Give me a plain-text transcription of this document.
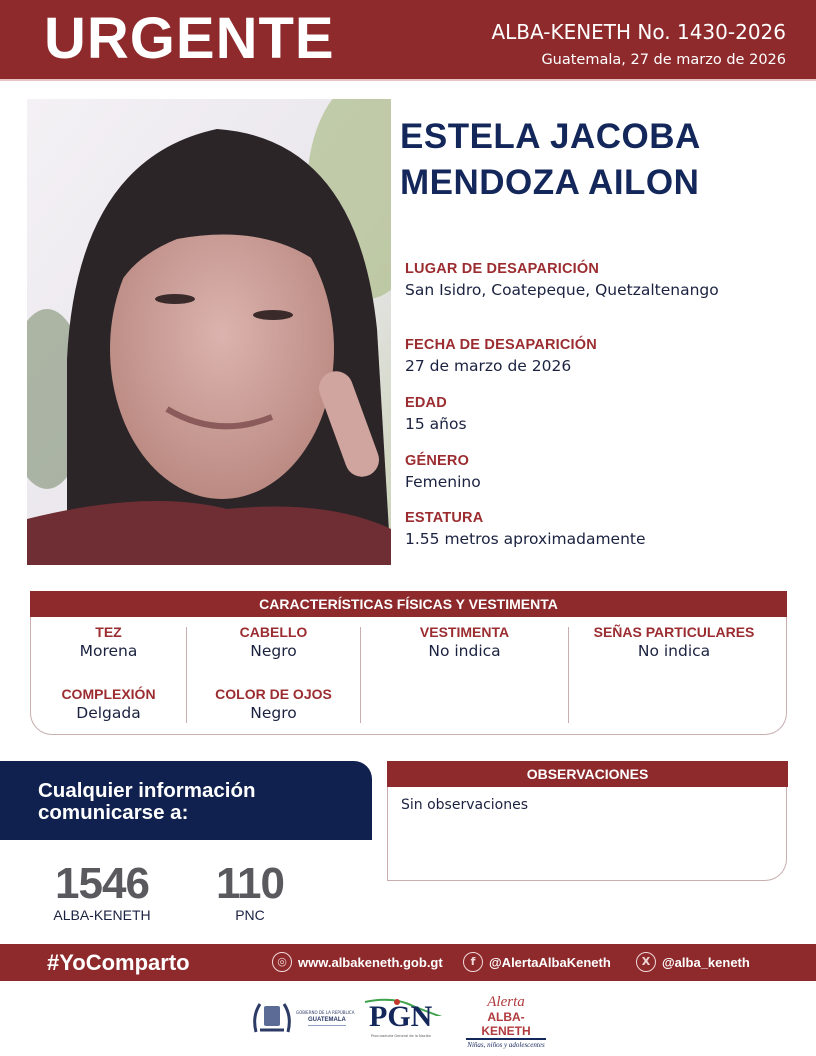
URGENTE	ALBA-KENETH No. 1430-2026
Guatemala, 27 de marzo de 2026
ESTELA JACOBA
MENDOZA AILON
LUGAR DE DESAPARICIÓN
San Isidro, Coatepeque, Quetzaltenango
FECHA DE DESAPARICIÓN
27 de marzo de 2026
EDAD
15 años
GÉNERO
Femenino
ESTATURA
1.55 metros aproximadamente
CARACTERÍSTICAS FÍSICAS Y VESTIMENTA
TEZ
Morena
COMPLEXIÓN
Delgada
CABELLO
Negro
COLOR DE OJOS
Negro
VESTIMENTA
No indica
SEÑAS PARTICULARES
No indica
Cualquier información
comunicarse a:
1546
ALBA-KENETH
110
PNC
OBSERVACIONES
Sin observaciones
#YoComparto	◎ www.albakeneth.gob.gt	f	@AlertaAlbaKeneth	X @alba_keneth
GOBIERNO DE LA REPÚBLICA
GUATEMALA PGN
Procuraduría General de la Nación
Alerta
ALBA-KENETH
Niñas, niños y adolescentes
